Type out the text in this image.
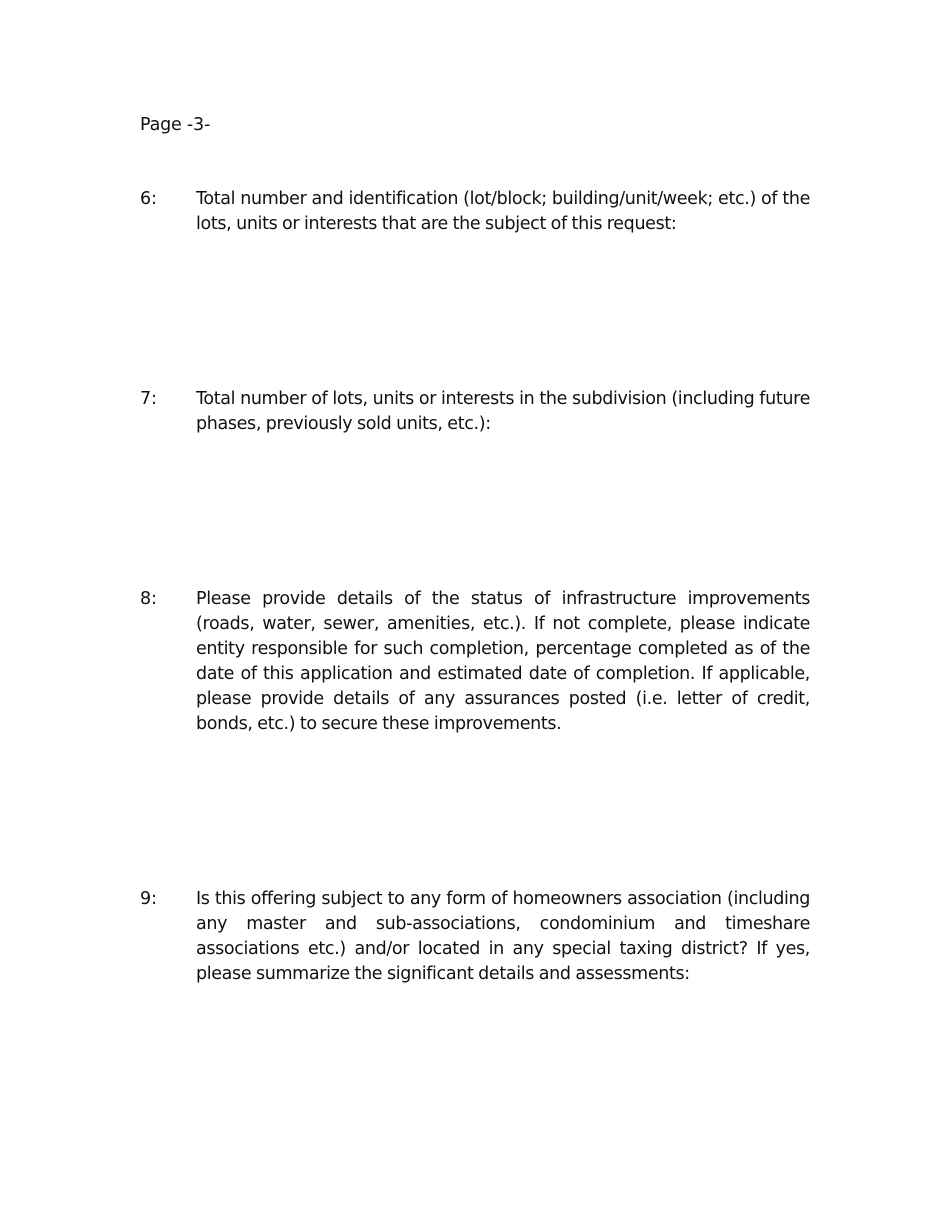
Page -3-
6: Total number and identification (lot/block; building/unit/week; etc.) of the lots, units or interests that are the subject of this request:
7: Total number of lots, units or interests in the subdivision (including future phases, previously sold units, etc.):
8: Please provide details of the status of infrastructure improvements (roads, water, sewer, amenities, etc.). If not complete, please indicate entity responsible for such completion, percentage completed as of the date of this application and estimated date of completion. If applicable, please provide details of any assurances posted (i.e. letter of credit, bonds, etc.) to secure these improvements.
9: Is this offering subject to any form of homeowners association (including any master and sub-associations, condominium and timeshare associations etc.) and/or located in any special taxing district? If yes, please summarize the significant details and assessments:
